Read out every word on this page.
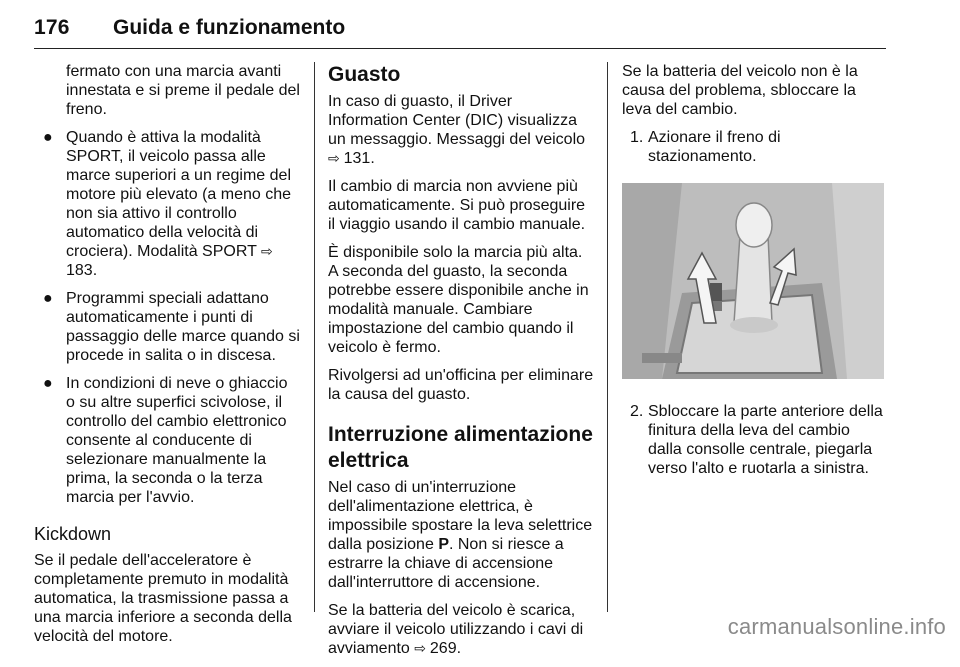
176 Guida e funzionamento

fermato con una marcia avanti innestata e si preme il pedale del freno.

● Quando è attiva la modalità SPORT, il veicolo passa alle marce superiori a un regime del motore più elevato (a meno che non sia attivo il controllo automatico della velocità di crociera). Modalità SPORT ⇨ 183.
● Programmi speciali adattano automaticamente i punti di passaggio delle marce quando si procede in salita o in discesa.
● In condizioni di neve o ghiaccio o su altre superfici scivolose, il controllo del cambio elettronico consente al conducente di selezionare manualmente la prima, la seconda o la terza marcia per l'avvio.
Kickdown

Se il pedale dell'acceleratore è completamente premuto in modalità automatica, la trasmissione passa a una marcia inferiore a seconda della velocità del motore.

Guasto

In caso di guasto, il Driver Information Center (DIC) visualizza un messaggio. Messaggi del veicolo ⇨ 131.

Il cambio di marcia non avviene più automaticamente. Si può proseguire il viaggio usando il cambio manuale.

È disponibile solo la marcia più alta. A seconda del guasto, la seconda potrebbe essere disponibile anche in modalità manuale. Cambiare impostazione del cambio quando il veicolo è fermo.

Rivolgersi ad un'officina per eliminare la causa del guasto.

Interruzione alimentazione elettrica

Nel caso di un'interruzione dell'alimentazione elettrica, è impossibile spostare la leva selettrice dalla posizione P. Non si riesce a estrarre la chiave di accensione dall'interruttore di accensione.

Se la batteria del veicolo è scarica, avviare il veicolo utilizzando i cavi di avviamento ⇨ 269.

Se la batteria del veicolo non è la causa del problema, sbloccare la leva del cambio.

1. Azionare il freno di stazionamento.
2. Sbloccare la parte anteriore della finitura della leva del cambio dalla consolle centrale, piegarla verso l'alto e ruotarla a sinistra.
carmanualsonline.info
